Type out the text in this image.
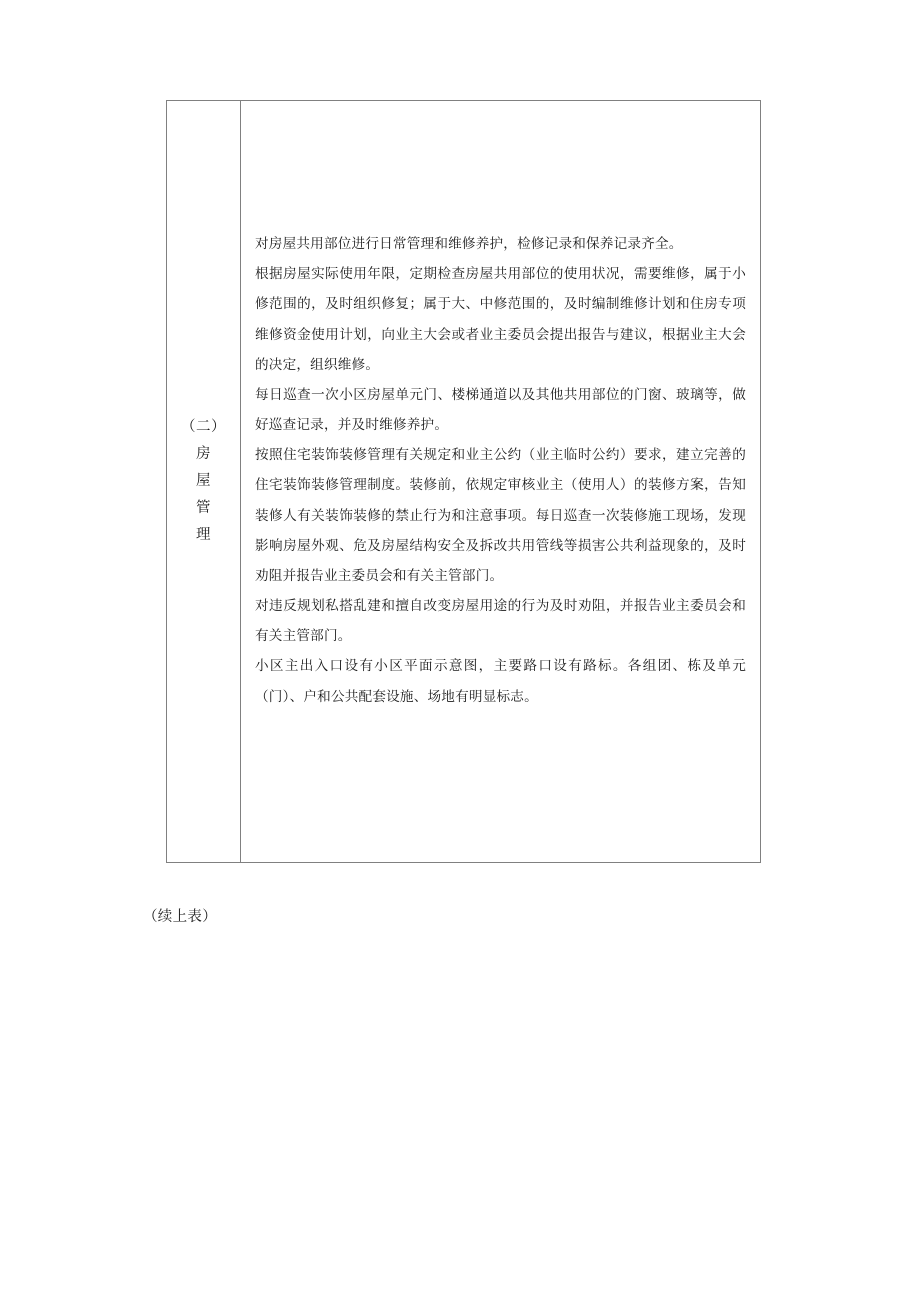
（二）
房
屋
管
理

对房屋共用部位进行日常管理和维修养护，检修记录和保养记录齐全。

根据房屋实际使用年限，定期检查房屋共用部位的使用状况，需要维修，属于小修范围的，及时组织修复；属于大、中修范围的，及时编制维修计划和住房专项维修资金使用计划，向业主大会或者业主委员会提出报告与建议，根据业主大会的决定，组织维修。

每日巡查一次小区房屋单元门、楼梯通道以及其他共用部位的门窗、玻璃等，做好巡查记录，并及时维修养护。

按照住宅装饰装修管理有关规定和业主公约（业主临时公约）要求，建立完善的住宅装饰装修管理制度。装修前，依规定审核业主（使用人）的装修方案，告知装修人有关装饰装修的禁止行为和注意事项。每日巡查一次装修施工现场，发现影响房屋外观、危及房屋结构安全及拆改共用管线等损害公共利益现象的，及时劝阻并报告业主委员会和有关主管部门。

对违反规划私搭乱建和擅自改变房屋用途的行为及时劝阻，并报告业主委员会和有关主管部门。

小区主出入口设有小区平面示意图，主要路口设有路标。各组团、栋及单元（门）、户和公共配套设施、场地有明显标志。

（续上表）
